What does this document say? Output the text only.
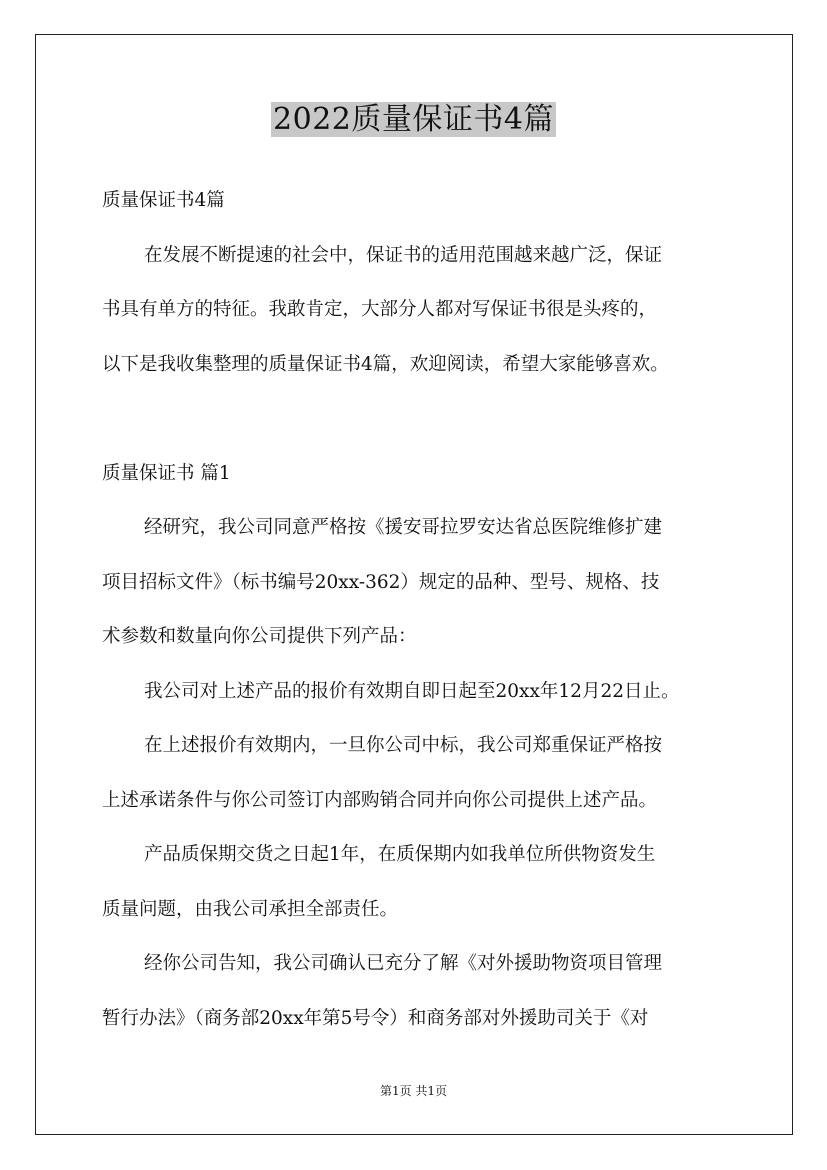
2022质量保证书4篇
质量保证书4篇
在发展不断提速的社会中，保证书的适用范围越来越广泛，保证
书具有单方的特征。我敢肯定，大部分人都对写保证书很是头疼的，
以下是我收集整理的质量保证书4篇，欢迎阅读，希望大家能够喜欢。
质量保证书 篇1
经研究，我公司同意严格按《援安哥拉罗安达省总医院维修扩建
项目招标文件》（标书编号20xx-362）规定的品种、型号、规格、技
术参数和数量向你公司提供下列产品：
我公司对上述产品的报价有效期自即日起至20xx年12月22日止。
在上述报价有效期内，一旦你公司中标，我公司郑重保证严格按
上述承诺条件与你公司签订内部购销合同并向你公司提供上述产品。
产品质保期交货之日起1年，在质保期内如我单位所供物资发生
质量问题，由我公司承担全部责任。
经你公司告知，我公司确认已充分了解《对外援助物资项目管理
暂行办法》（商务部20xx年第5号令）和商务部对外援助司关于《对
第1页 共1页
